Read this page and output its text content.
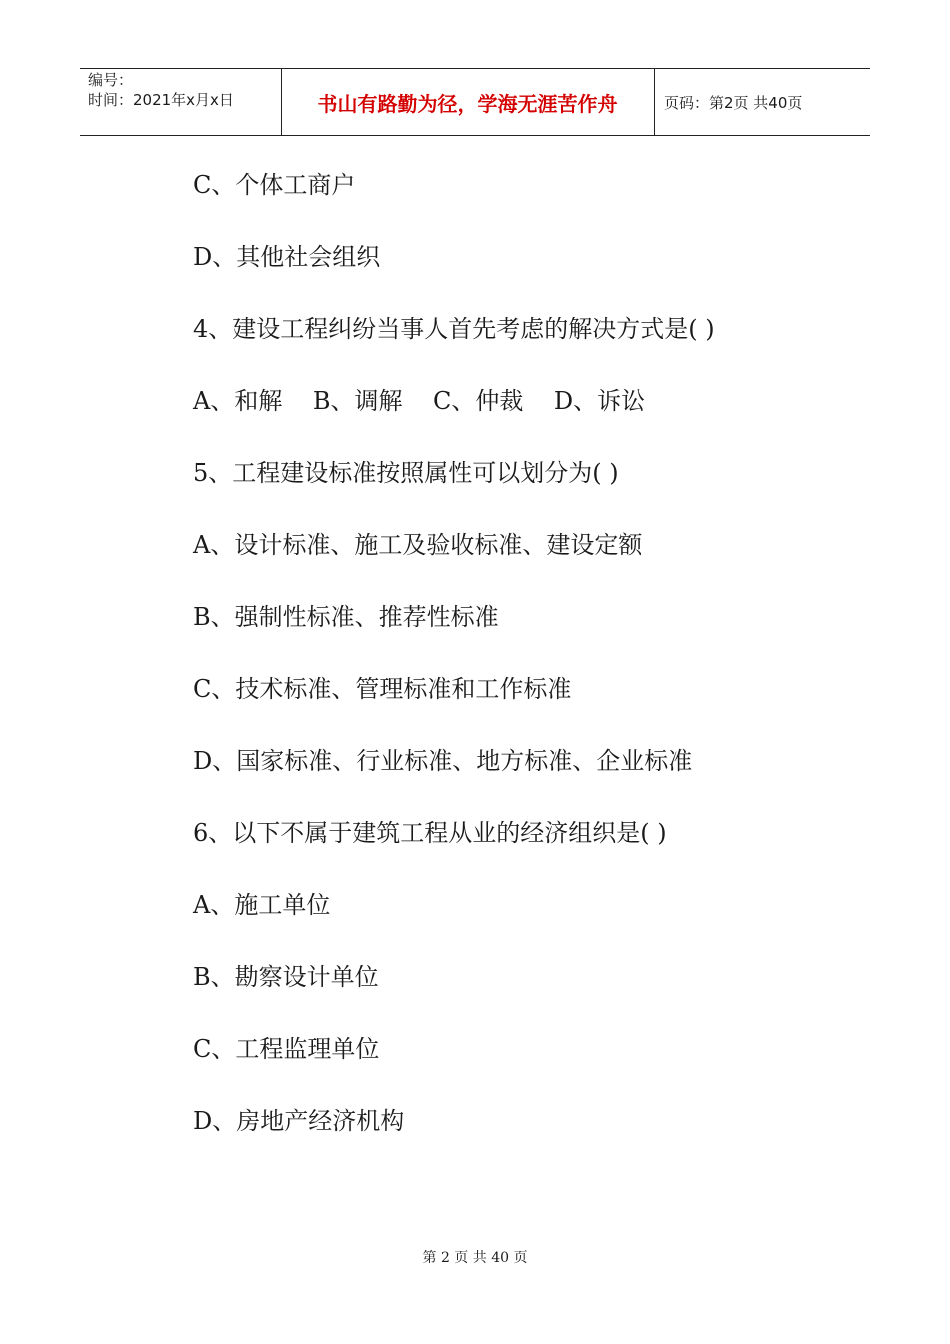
编号：
时间：2021年x月x日	书山有路勤为径，学海无涯苦作舟	页码：第2页 共40页
C、个体工商户
D、其他社会组织
4、建设工程纠纷当事人首先考虑的解决方式是( )
A、和解    B、调解    C、仲裁    D、诉讼
5、工程建设标准按照属性可以划分为( )
A、设计标准、施工及验收标准、建设定额
B、强制性标准、推荐性标准
C、技术标准、管理标准和工作标准
D、国家标准、行业标准、地方标准、企业标准
6、以下不属于建筑工程从业的经济组织是( )
A、施工单位
B、勘察设计单位
C、工程监理单位
D、房地产经济机构
第 2 页 共 40 页
